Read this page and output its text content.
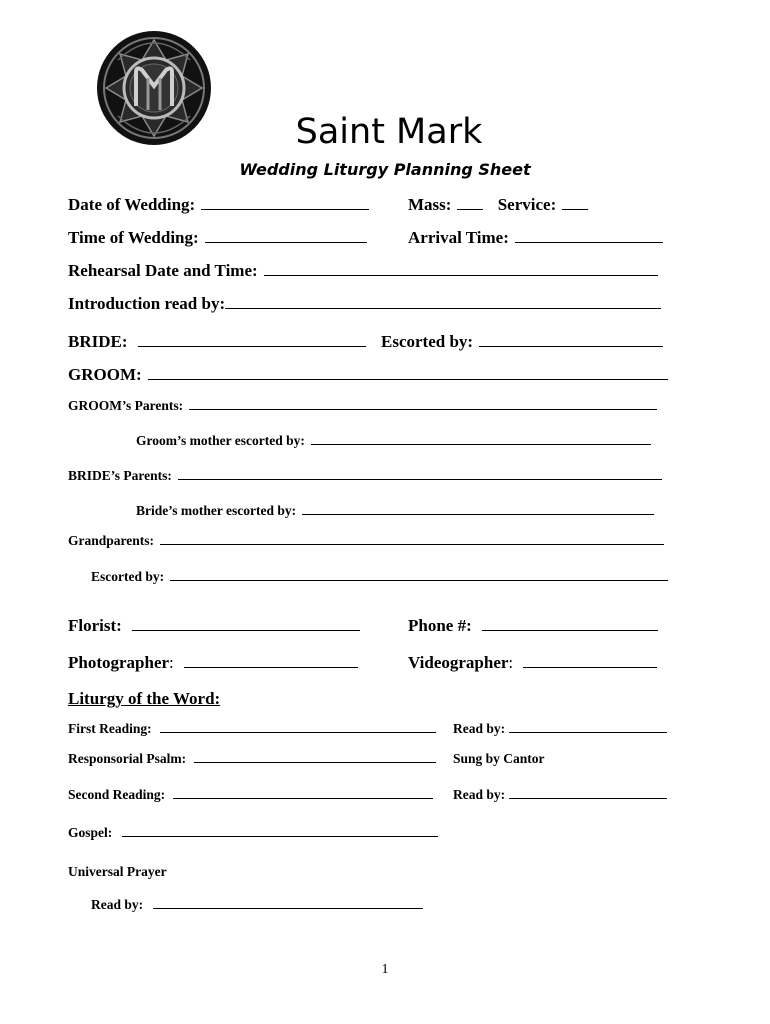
Saint Mark
Wedding Liturgy Planning Sheet
Date of Wedding:	Mass:	Service:
Time of Wedding:	Arrival Time:
Rehearsal Date and Time:
Introduction read by:
BRIDE:	Escorted by:
GROOM:
GROOM’s Parents:
Groom’s mother escorted by:
BRIDE’s Parents:
Bride’s mother escorted by:
Grandparents:
Escorted by:
Florist:	Phone #:
Photographer:	Videographer:
Liturgy of the Word:
First Reading:	Read by:
Responsorial Psalm:	Sung by Cantor
Second Reading:	Read by:
Gospel:
Universal Prayer
Read by:
1
